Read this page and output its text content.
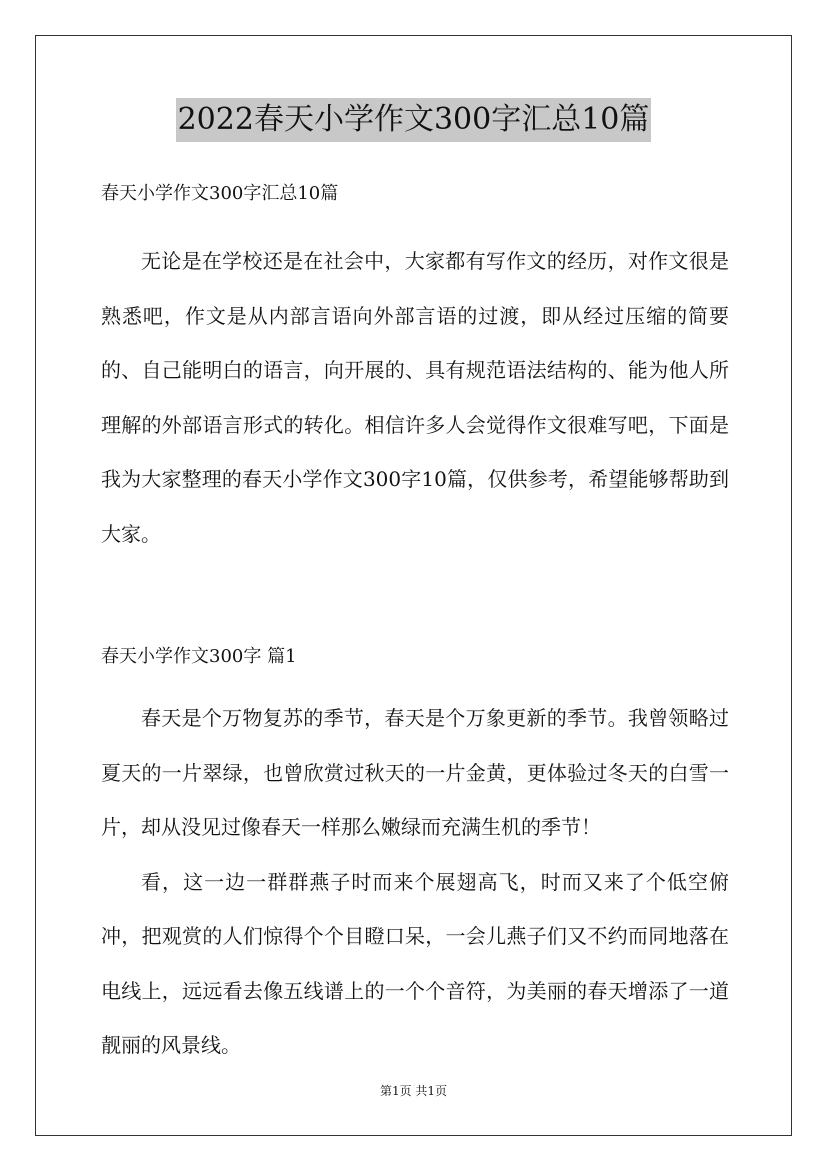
2022春天小学作文300字汇总10篇

春天小学作文300字汇总10篇

无论是在学校还是在社会中，大家都有写作文的经历，对作文很是熟悉吧，作文是从内部言语向外部言语的过渡，即从经过压缩的简要的、自己能明白的语言，向开展的、具有规范语法结构的、能为他人所理解的外部语言形式的转化。相信许多人会觉得作文很难写吧，下面是我为大家整理的春天小学作文300字10篇，仅供参考，希望能够帮助到大家。

春天小学作文300字 篇1

春天是个万物复苏的季节，春天是个万象更新的季节。我曾领略过夏天的一片翠绿，也曾欣赏过秋天的一片金黄，更体验过冬天的白雪一片，却从没见过像春天一样那么嫩绿而充满生机的季节！

看，这一边一群群燕子时而来个展翅高飞，时而又来了个低空俯冲，把观赏的人们惊得个个目瞪口呆，一会儿燕子们又不约而同地落在电线上，远远看去像五线谱上的一个个音符，为美丽的春天增添了一道靓丽的风景线。

第1页 共1页
